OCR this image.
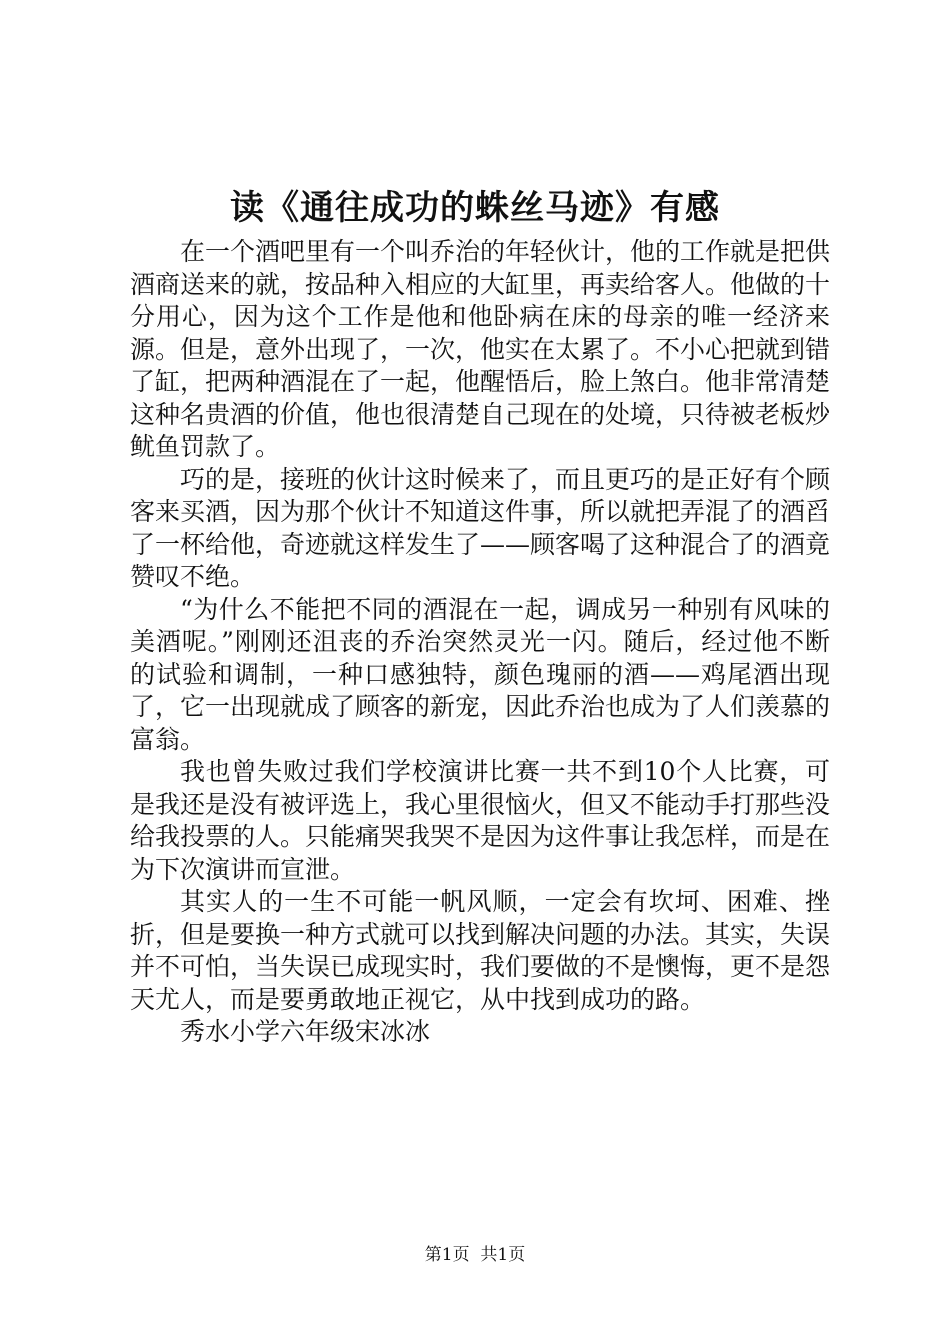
读《通往成功的蛛丝马迹》有感

在一个酒吧里有一个叫乔治的年轻伙计，他的工作就是把供酒商送来的就，按品种入相应的大缸里，再卖给客人。他做的十分用心，因为这个工作是他和他卧病在床的母亲的唯一经济来源。但是，意外出现了，一次，他实在太累了。不小心把就到错了缸，把两种酒混在了一起，他醒悟后，脸上煞白。他非常清楚这种名贵酒的价值，他也很清楚自己现在的处境，只待被老板炒鱿鱼罚款了。

巧的是，接班的伙计这时候来了，而且更巧的是正好有个顾客来买酒，因为那个伙计不知道这件事，所以就把弄混了的酒舀了一杯给他，奇迹就这样发生了——顾客喝了这种混合了的酒竟赞叹不绝。

“为什么不能把不同的酒混在一起，调成另一种别有风味的美酒呢。”刚刚还沮丧的乔治突然灵光一闪。随后，经过他不断的试验和调制，一种口感独特，颜色瑰丽的酒——鸡尾酒出现了，它一出现就成了顾客的新宠，因此乔治也成为了人们羡慕的富翁。

我也曾失败过我们学校演讲比赛一共不到10个人比赛，可是我还是没有被评选上，我心里很恼火，但又不能动手打那些没给我投票的人。只能痛哭我哭不是因为这件事让我怎样，而是在为下次演讲而宣泄。

其实人的一生不可能一帆风顺，一定会有坎坷、困难、挫折，但是要换一种方式就可以找到解决问题的办法。其实，失误并不可怕，当失误已成现实时，我们要做的不是懊悔，更不是怨天尤人，而是要勇敢地正视它，从中找到成功的路。

秀水小学六年级宋冰冰

第1页 共1页
